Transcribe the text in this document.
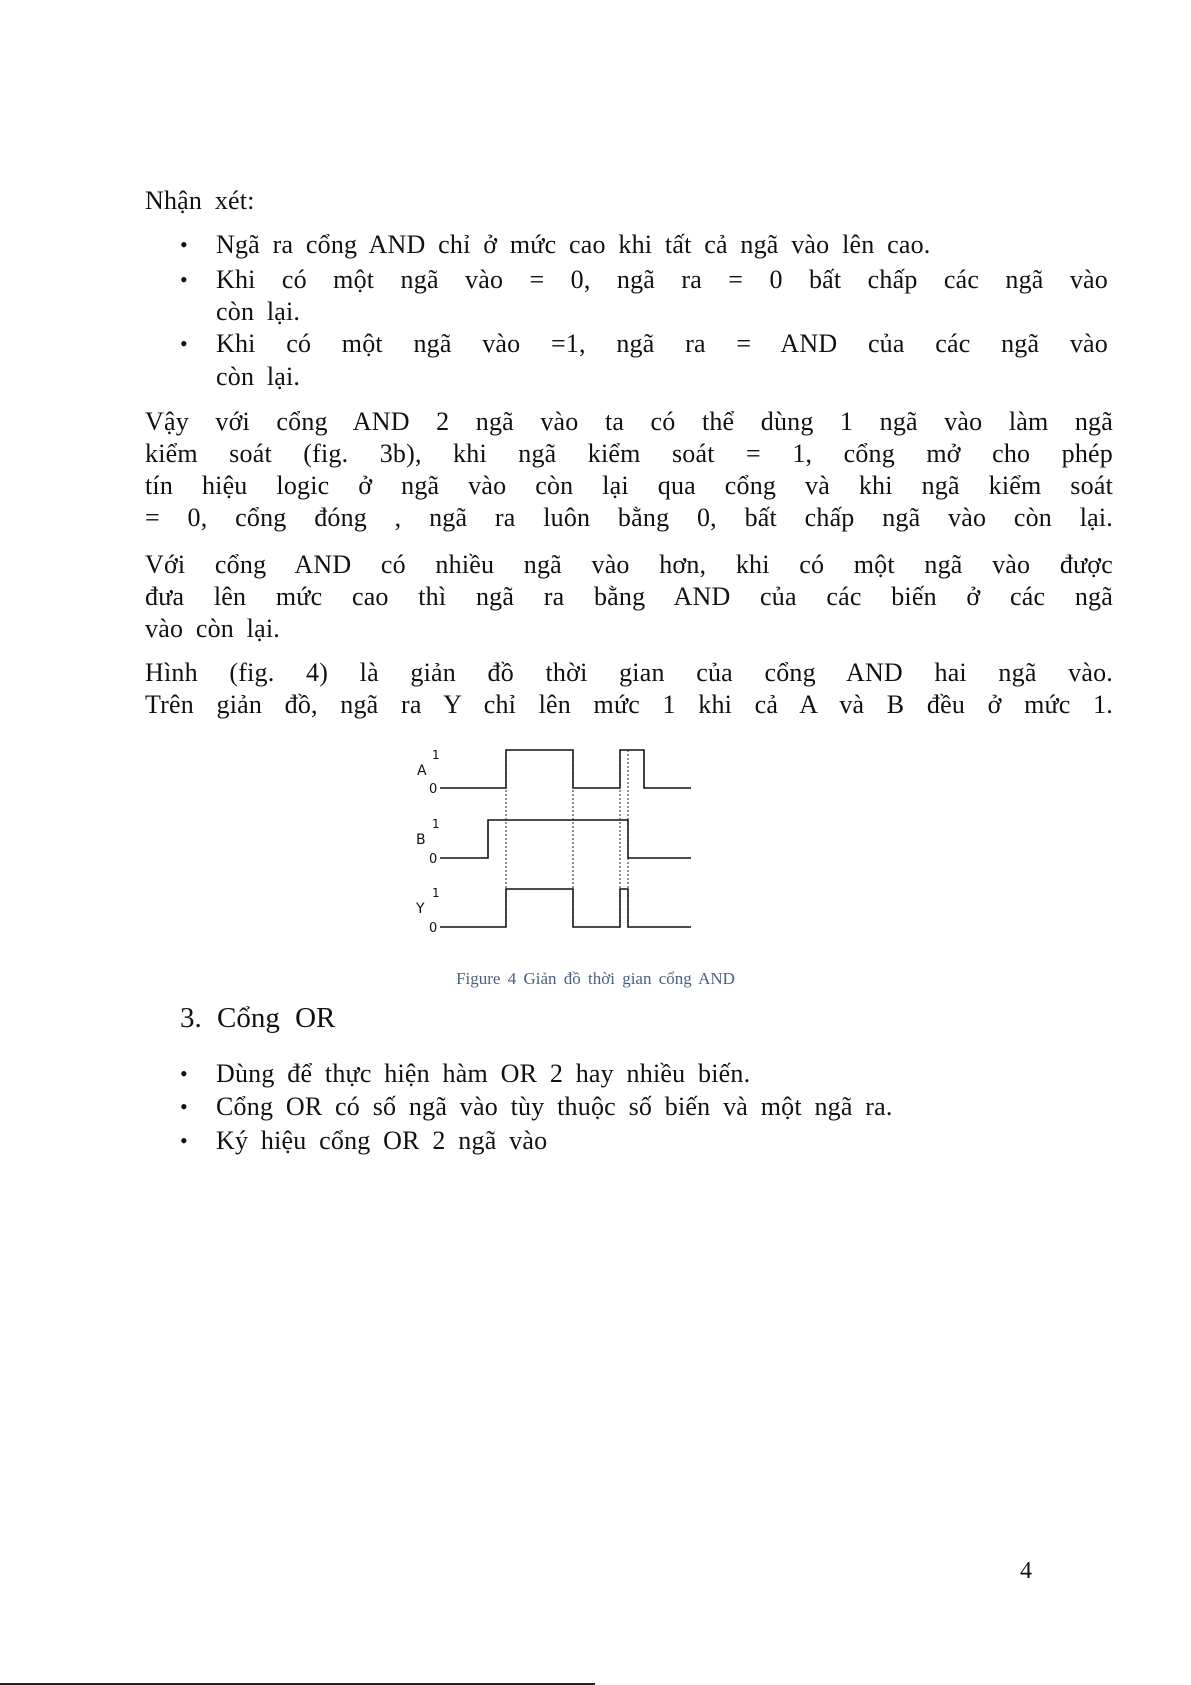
Nhận xét:
• Ngã ra cổng AND chỉ ở mức cao khi tất cả ngã vào lên cao.
• Khi có một ngã vào = 0, ngã ra = 0 bất chấp các ngã vào
còn lại.
• Khi có một ngã vào =1, ngã ra = AND của các ngã vào
còn lại.
Vậy với cổng AND 2 ngã vào ta có thể dùng 1 ngã vào làm ngã
kiểm soát (fig. 3b), khi ngã kiểm soát = 1, cổng mở cho phép
tín hiệu logic ở ngã vào còn lại qua cổng và khi ngã kiểm soát
= 0, cổng đóng , ngã ra luôn bằng 0, bất chấp ngã vào còn lại.
Với cổng AND có nhiều ngã vào hơn, khi có một ngã vào được
đưa lên mức cao thì ngã ra bằng AND của các biến ở các ngã
vào còn lại.
Hình (fig. 4) là giản đồ thời gian của cổng AND hai ngã vào.
Trên giản đồ, ngã ra Y chỉ lên mức 1 khi cả A và B đều ở mức 1.
A
1
0
B
1
0
Y
1
0
Figure 4 Giản đồ thời gian cổng AND
3. Cổng OR
• Dùng để thực hiện hàm OR 2 hay nhiều biến.
• Cổng OR có số ngã vào tùy thuộc số biến và một ngã ra.
• Ký hiệu cổng OR 2 ngã vào
4
